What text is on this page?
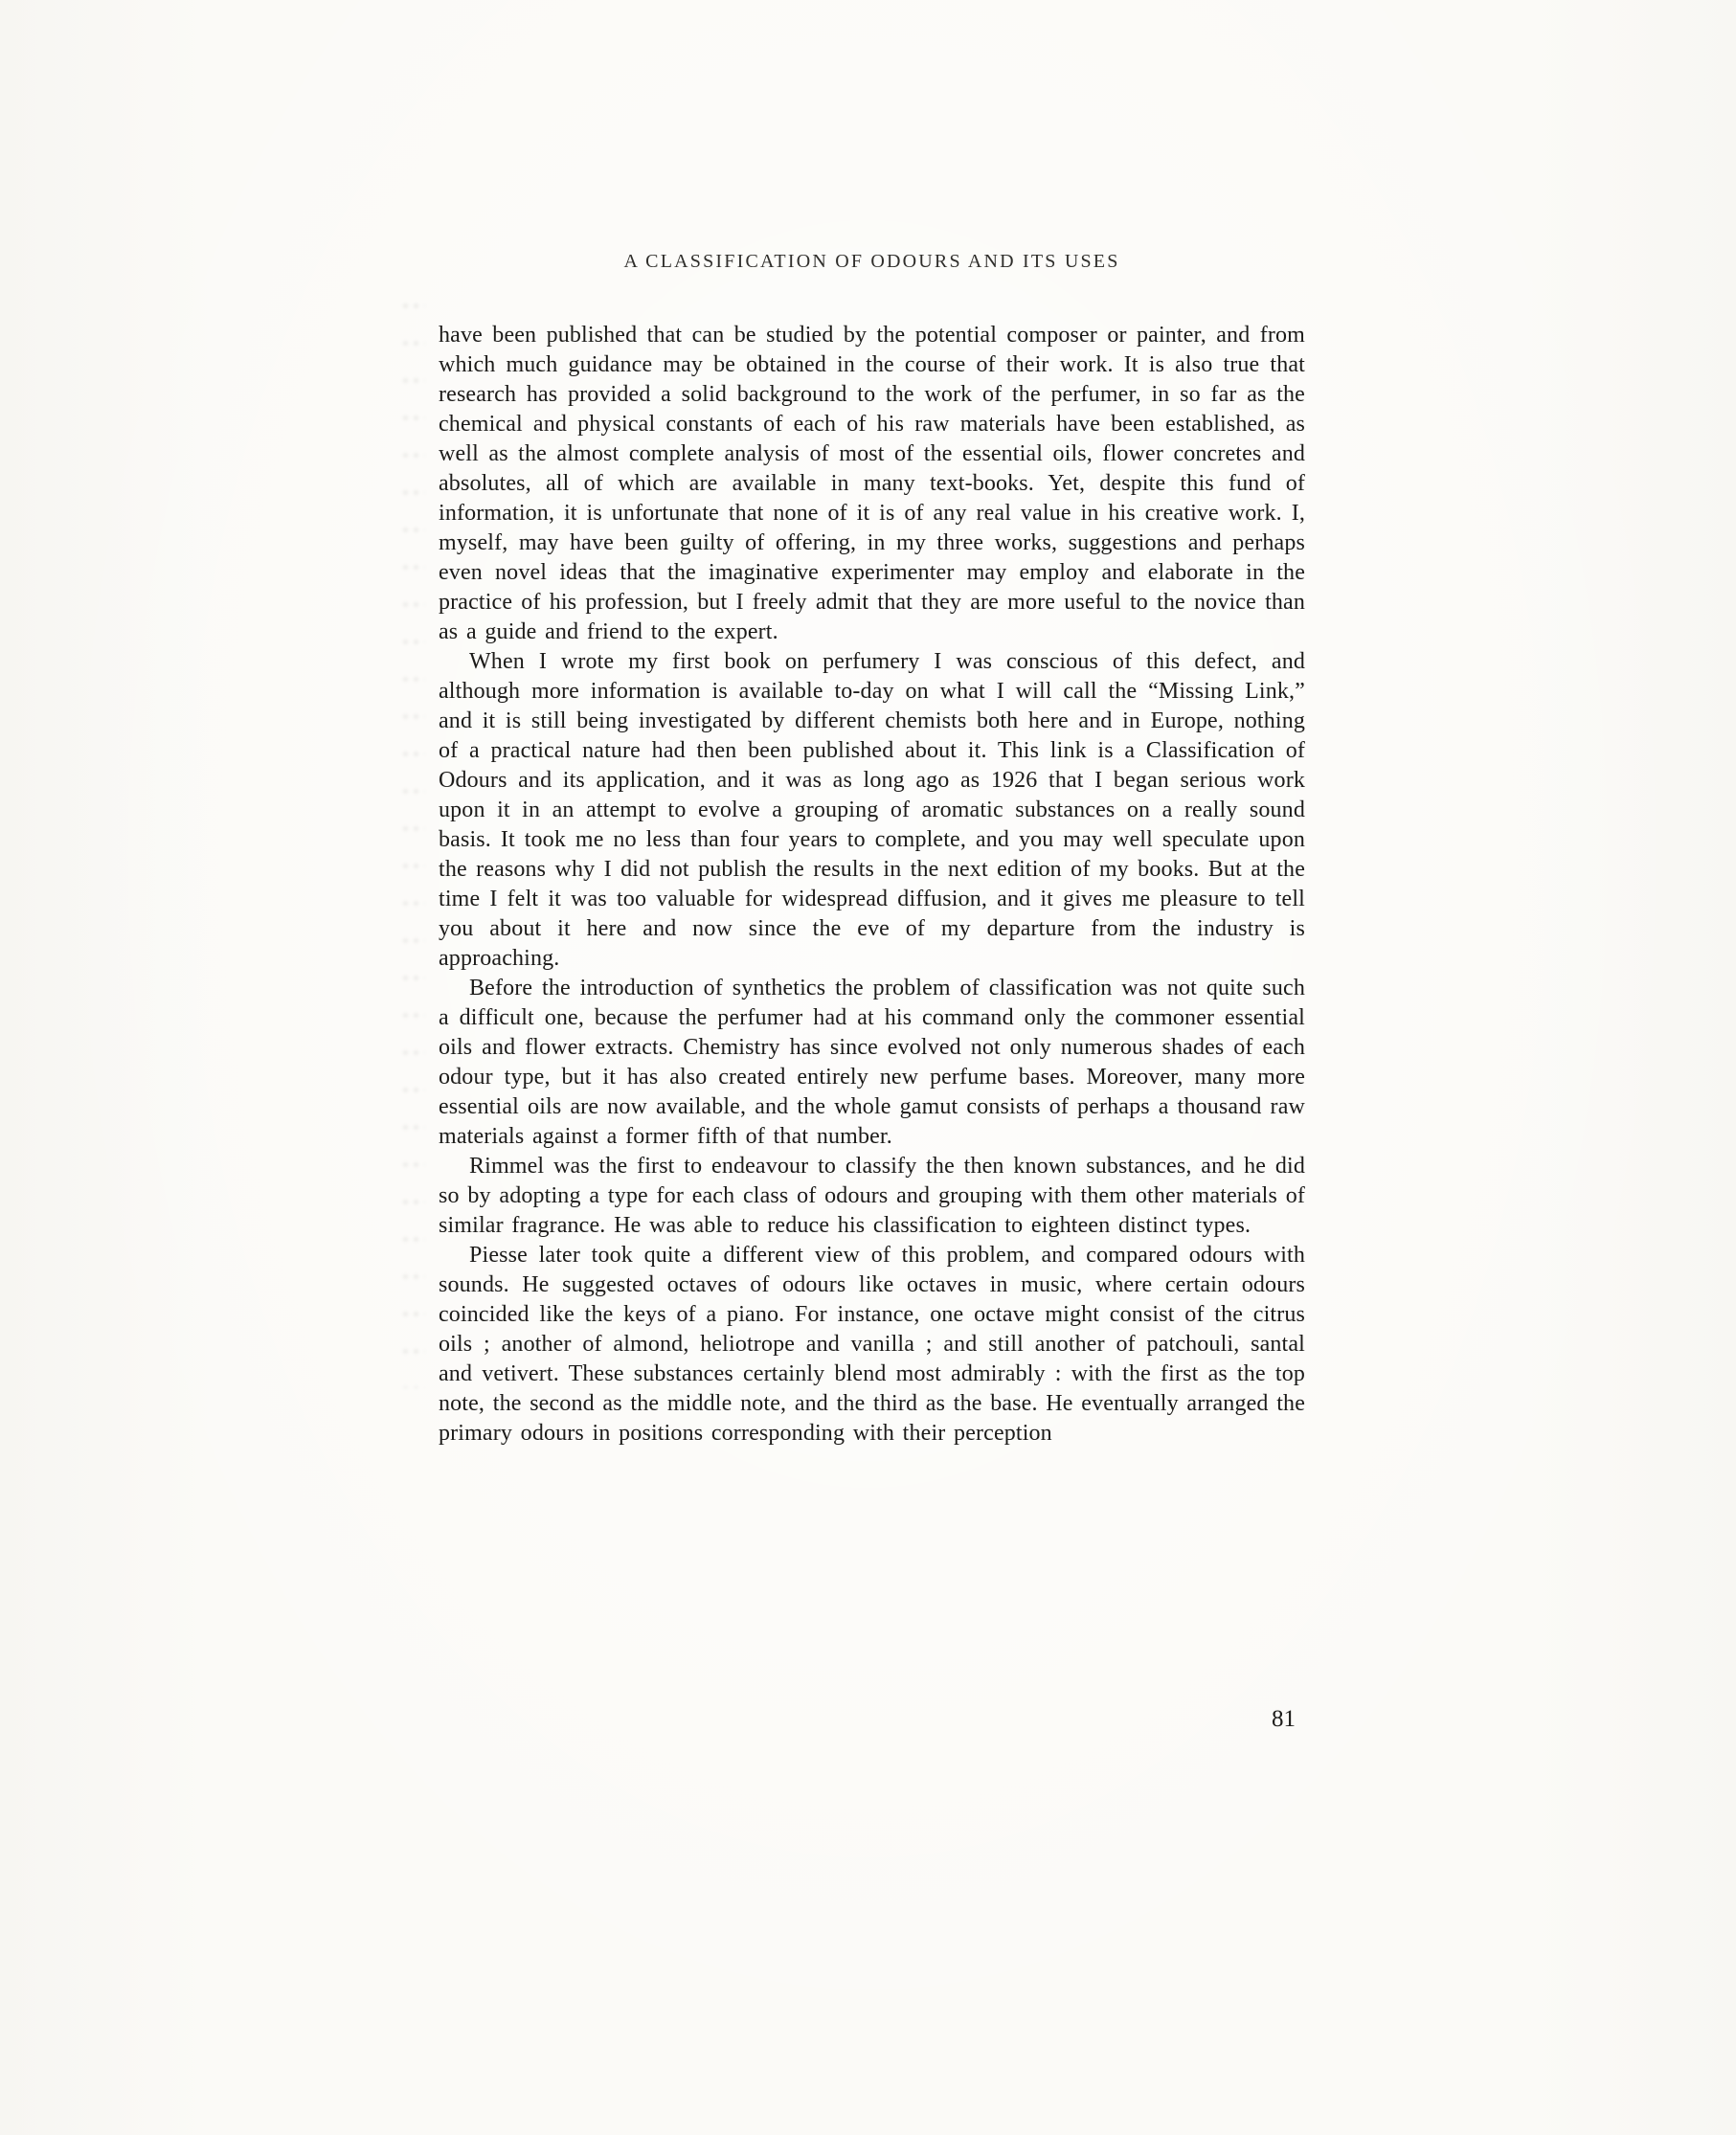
A CLASSIFICATION OF ODOURS AND ITS USES

have been published that can be studied by the potential composer or painter, and from which much guidance may be obtained in the course of their work. It is also true that research has provided a solid background to the work of the perfumer, in so far as the chemical and physical constants of each of his raw materials have been established, as well as the almost complete analysis of most of the essential oils, flower concretes and absolutes, all of which are available in many text-books. Yet, despite this fund of information, it is unfortunate that none of it is of any real value in his creative work. I, myself, may have been guilty of offering, in my three works, suggestions and perhaps even novel ideas that the imaginative experimenter may employ and elaborate in the practice of his profession, but I freely admit that they are more useful to the novice than as a guide and friend to the expert.

When I wrote my first book on perfumery I was conscious of this defect, and although more information is available to-day on what I will call the “Missing Link,” and it is still being investigated by different chemists both here and in Europe, nothing of a practical nature had then been published about it. This link is a Classification of Odours and its application, and it was as long ago as 1926 that I began serious work upon it in an attempt to evolve a grouping of aromatic substances on a really sound basis. It took me no less than four years to complete, and you may well speculate upon the reasons why I did not publish the results in the next edition of my books. But at the time I felt it was too valuable for widespread diffusion, and it gives me pleasure to tell you about it here and now since the eve of my departure from the industry is approaching.

Before the introduction of synthetics the problem of classification was not quite such a difficult one, because the perfumer had at his command only the commoner essential oils and flower extracts. Chemistry has since evolved not only numerous shades of each odour type, but it has also created entirely new perfume bases. Moreover, many more essential oils are now available, and the whole gamut consists of perhaps a thousand raw materials against a former fifth of that number.

Rimmel was the first to endeavour to classify the then known substances, and he did so by adopting a type for each class of odours and grouping with them other materials of similar fragrance. He was able to reduce his classification to eighteen distinct types.

Piesse later took quite a different view of this problem, and compared odours with sounds. He suggested octaves of odours like octaves in music, where certain odours coincided like the keys of a piano. For instance, one octave might consist of the citrus oils ; another of almond, heliotrope and vanilla ; and still another of patchouli, santal and vetivert. These substances certainly blend most admirably : with the first as the top note, the second as the middle note, and the third as the base. He eventually arranged the primary odours in positions corresponding with their perception

81
